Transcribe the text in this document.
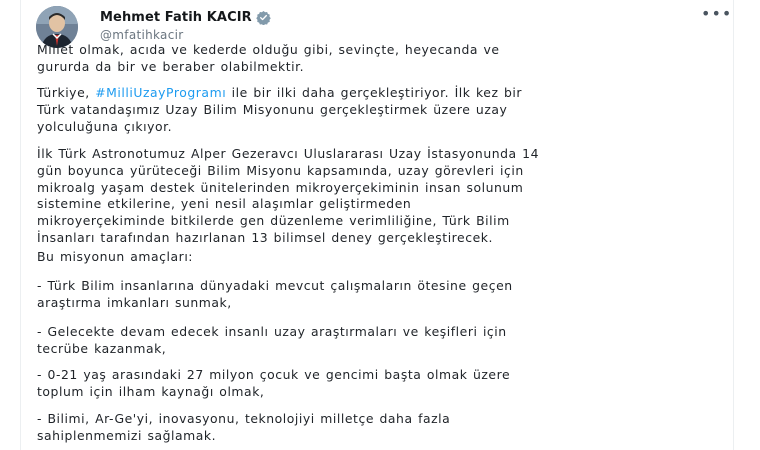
Mehmet Fatih KACIR
@mfatihkacir
•••

Millet olmak, acıda ve kederde olduğu gibi, sevinçte, heyecanda ve
gururda da bir ve beraber olabilmektir.

Türkiye, #MilliUzayProgramı ile bir ilki daha gerçekleştiriyor. İlk kez bir
Türk vatandaşımız Uzay Bilim Misyonunu gerçekleştirmek üzere uzay
yolculuğuna çıkıyor.

İlk Türk Astronotumuz Alper Gezeravcı Uluslararası Uzay İstasyonunda 14
gün boyunca yürüteceği Bilim Misyonu kapsamında, uzay görevleri için
mikroalg yaşam destek ünitelerinden mikroyerçekiminin insan solunum
sistemine etkilerine, yeni nesil alaşımlar geliştirmeden
mikroyerçekiminde bitkilerde gen düzenleme verimliliğine, Türk Bilim
İnsanları tarafından hazırlanan 13 bilimsel deney gerçekleştirecek.

Bu misyonun amaçları:

- Türk Bilim insanlarına dünyadaki mevcut çalışmaların ötesine geçen
araştırma imkanları sunmak,

- Gelecekte devam edecek insanlı uzay araştırmaları ve keşifleri için
tecrübe kazanmak,

- 0-21 yaş arasındaki 27 milyon çocuk ve gencimi başta olmak üzere
toplum için ilham kaynağı olmak,

- Bilimi, Ar-Ge'yi, inovasyonu, teknolojiyi milletçe daha fazla
sahiplenmemizi sağlamak.
